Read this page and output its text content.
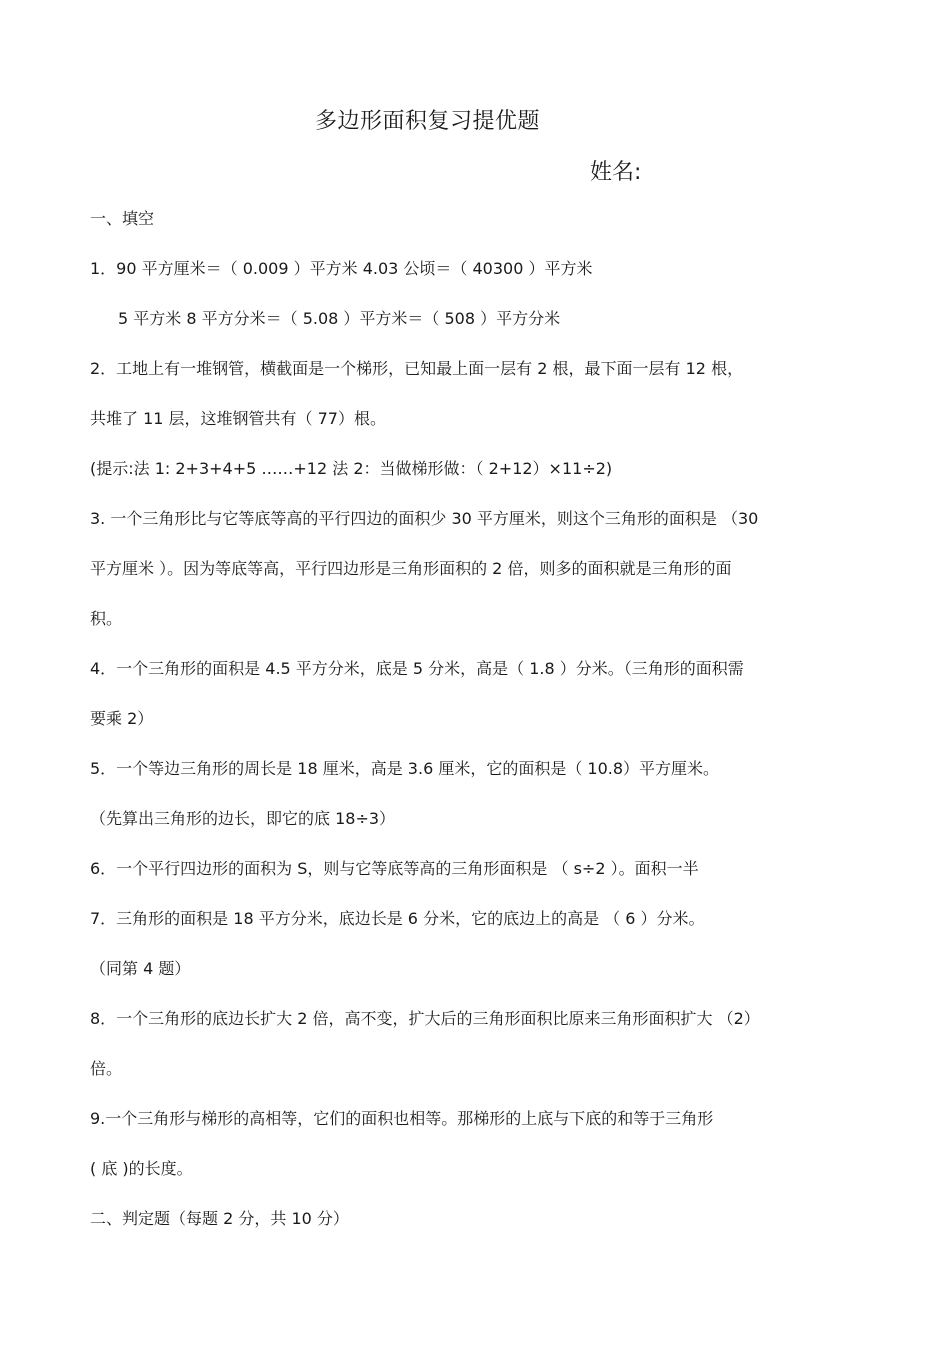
多边形面积复习提优题
姓名:
一、填空
1．90 平方厘米＝（ 0.009 ）平方米 4.03 公顷＝（ 40300 ）平方米
5 平方米 8 平方分米＝（ 5.08 ）平方米＝（ 508 ）平方分米
2．工地上有一堆钢管，横截面是一个梯形，已知最上面一层有 2 根，最下面一层有 12 根，
共堆了 11 层，这堆钢管共有（ 77）根。
(提示:法 1: 2+3+4+5 ……+12 法 2：当做梯形做：（ 2+12）×11÷2)
3. 一个三角形比与它等底等高的平行四边的面积少 30 平方厘米，则这个三角形的面积是 （30
平方厘米 ）。因为等底等高，平行四边形是三角形面积的 2 倍，则多的面积就是三角形的面
积。
4．一个三角形的面积是 4.5 平方分米，底是 5 分米，高是（ 1.8 ）分米。（三角形的面积需
要乘 2）
5．一个等边三角形的周长是 18 厘米，高是 3.6 厘米，它的面积是（ 10.8）平方厘米。
（先算出三角形的边长，即它的底 18÷3）
6．一个平行四边形的面积为 S，则与它等底等高的三角形面积是 （ s÷2 ）。面积一半
7．三角形的面积是 18 平方分米，底边长是 6 分米，它的底边上的高是 （ 6 ）分米。
（同第 4 题）
8．一个三角形的底边长扩大 2 倍，高不变，扩大后的三角形面积比原来三角形面积扩大 （2）
倍。
9.一个三角形与梯形的高相等，它们的面积也相等。那梯形的上底与下底的和等于三角形
( 底 )的长度。
二、判定题（每题 2 分，共 10 分）
